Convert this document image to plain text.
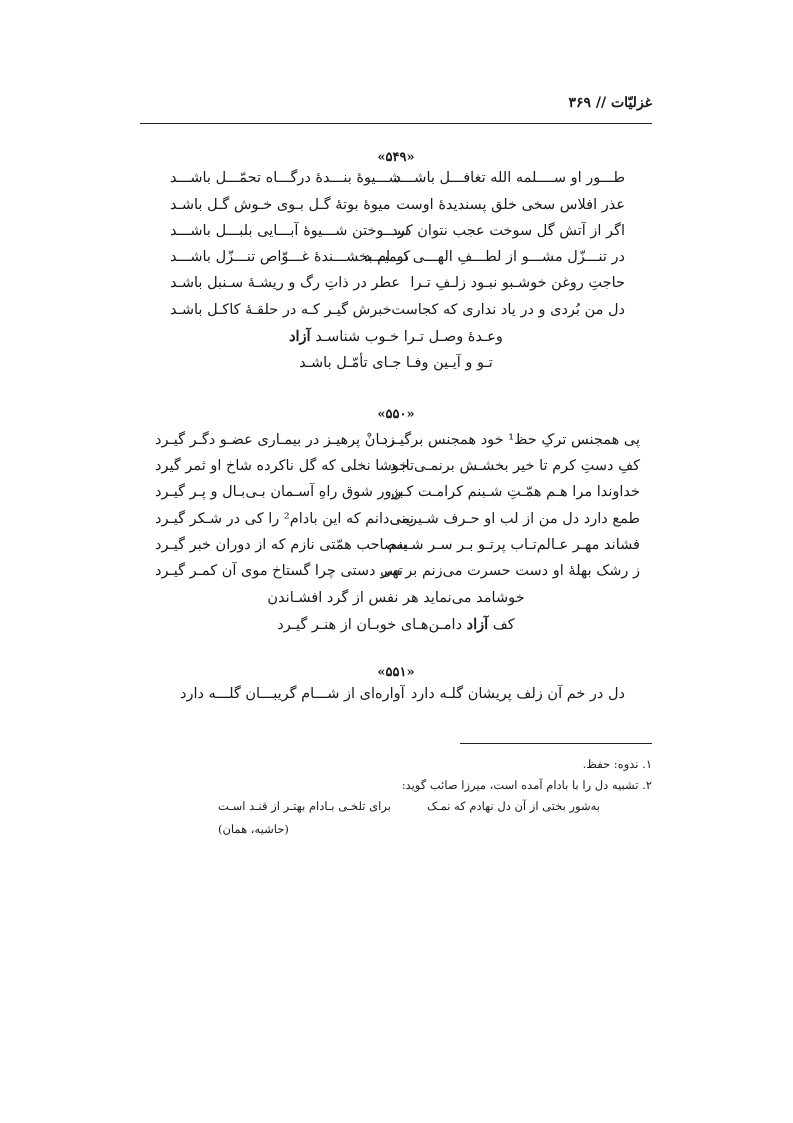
غزلیّات // ۳۶۹
«۵۴۹»
طـــور او ســــلمه الله تغافـــل باشـــد
شـــیوهٔ بنـــدهٔ درگـــاه تحمّـــل باشـــد
عذر افلاس سخی خلق پسندیدهٔ اوست
میوهٔ بوتهٔ گـل بـوی خـوش گـل باشـد
اگر از آتش گل سوخت عجب نتوان کرد
ســـوختن شـــیوهٔ آبـــایی بلبـــل باشـــد
در تنـــزّل مشـــو از لطـــفِ الهـــی نومیـــد
کـــام بخشـــندهٔ غـــوّاص تنـــزّل باشـــد
حاجتِ روغن خوشـبو نبـود زلـفِ تـرا
عطر در ذاتِ رگ و ریشـهٔ سـنبل باشـد
دل من بُردی و در یاد نداری که کجاست
خبرش گیـر کـه در حلقـهٔ کاکـل باشـد
وعـدهٔ وصـل تـرا خـوب شناسـد آزاد
تـو و آیـین وفـا جـای تأمّـل باشـد
«۵۵۰»
پی همجنس ترکِ حظ¹ خود همجنس برگیـرد
زبـانْ پرهیـز در بیمـاری عضـو دگـر گیـرد
کفِ دستِ کرم تا خیر بخشـش برنمـی‌تابـد
خوشا نخلی که گل ناکرده شاخ او ثمر گیرد
خداوندا مرا هـم همّـتِ شـبنم کرامـت کـن
بزور شوق راهِ آسـمان بـی‌بـال و پـر گیـرد
طمع دارد دل من از لب او حـرف شـیرینی
نمی‌دانم که این بادام² را کی در شـکر گیـرد
فشاند مهـر عـالم‌تـاب پرتـو بـر سـر شـبنم
به‌صاحب همّتی نازم که از دوران خبر گیـرد
ز رشک بهلهٔ او دست حسرت می‌زنم بر سر
تهی دستی چرا گستاخ موی آن کمـر گیـرد
خوشامد می‌نماید هر نفس از گرد افشـاندن
کف آزاد دامـن‌هـای خوبـان از هنـر گیـرد
«۵۵۱»
دل در خم آن زلف پریشان گلـه دارد
آواره‌ای از شـــام گریبـــان گلـــه دارد
۱. ندوه: حفظ.
۲. تشبیه دل را با بادام آمده است، میرزا صائب گوید:
به‌شور بختی از آن دل نهادم که نمـک
برای تلخـی بـادام بهتـر از قنـد اسـت
(حاشیه، همان)
